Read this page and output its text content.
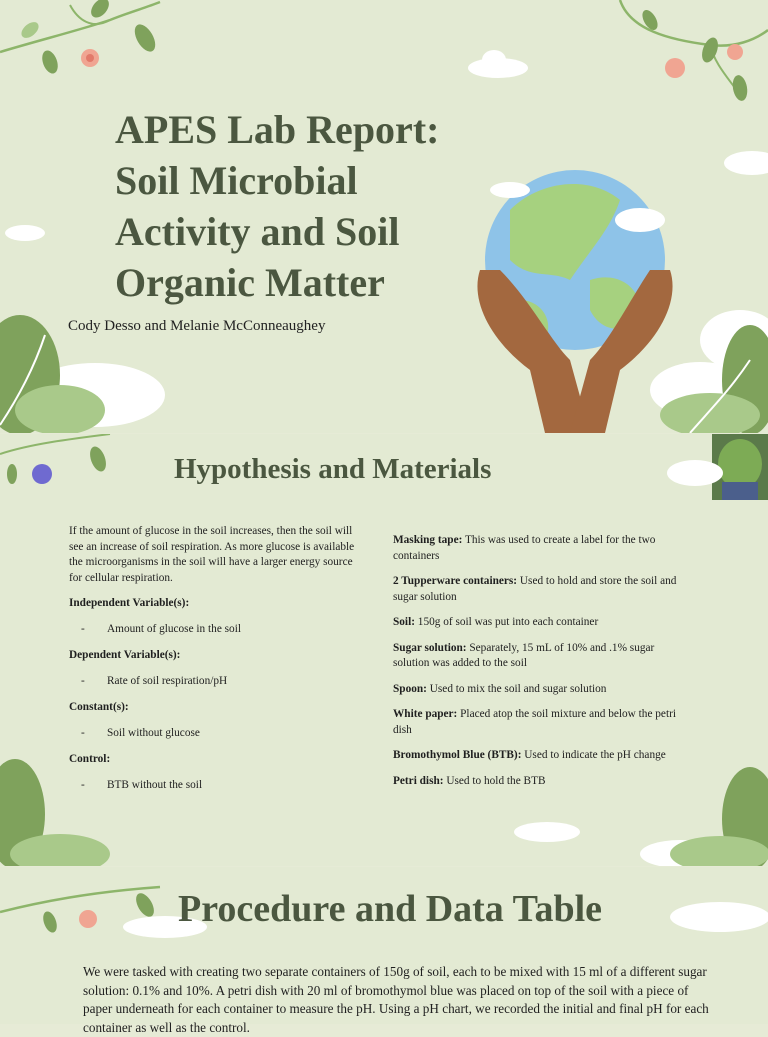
APES Lab Report:
Soil Microbial
Activity and Soil
Organic Matter

Cody Desso and Melanie McConneaughey

Hypothesis and Materials

If the amount of glucose in the soil increases, then the soil will see an increase of soil respiration. As more glucose is available the microorganisms in the soil will have a larger energy source for cellular respiration.

Independent Variable(s):

-	Amount of glucose in the soil

Dependent Variable(s):

-	Rate of soil respiration/pH

Constant(s):

-	Soil without glucose

Control:

-	BTB without the soil

Masking tape: This was used to create a label for the two containers

2 Tupperware containers: Used to hold and store the soil and sugar solution

Soil: 150g of soil was put into each container

Sugar solution: Separately, 15 mL of 10% and .1% sugar solution was added to the soil

Spoon: Used to mix the soil and sugar solution

White paper: Placed atop the soil mixture and below the petri dish

Bromothymol Blue (BTB): Used to indicate the pH change

Petri dish: Used to hold the BTB

Procedure and Data Table

We were tasked with creating two separate containers of 150g of soil, each to be mixed with 15 ml of a different sugar solution: 0.1% and 10%. A petri dish with 20 ml of bromothymol blue was placed on top of the soil with a piece of paper underneath for each container to measure the pH. Using a pH chart, we recorded the initial and final pH for each container as well as the control.
